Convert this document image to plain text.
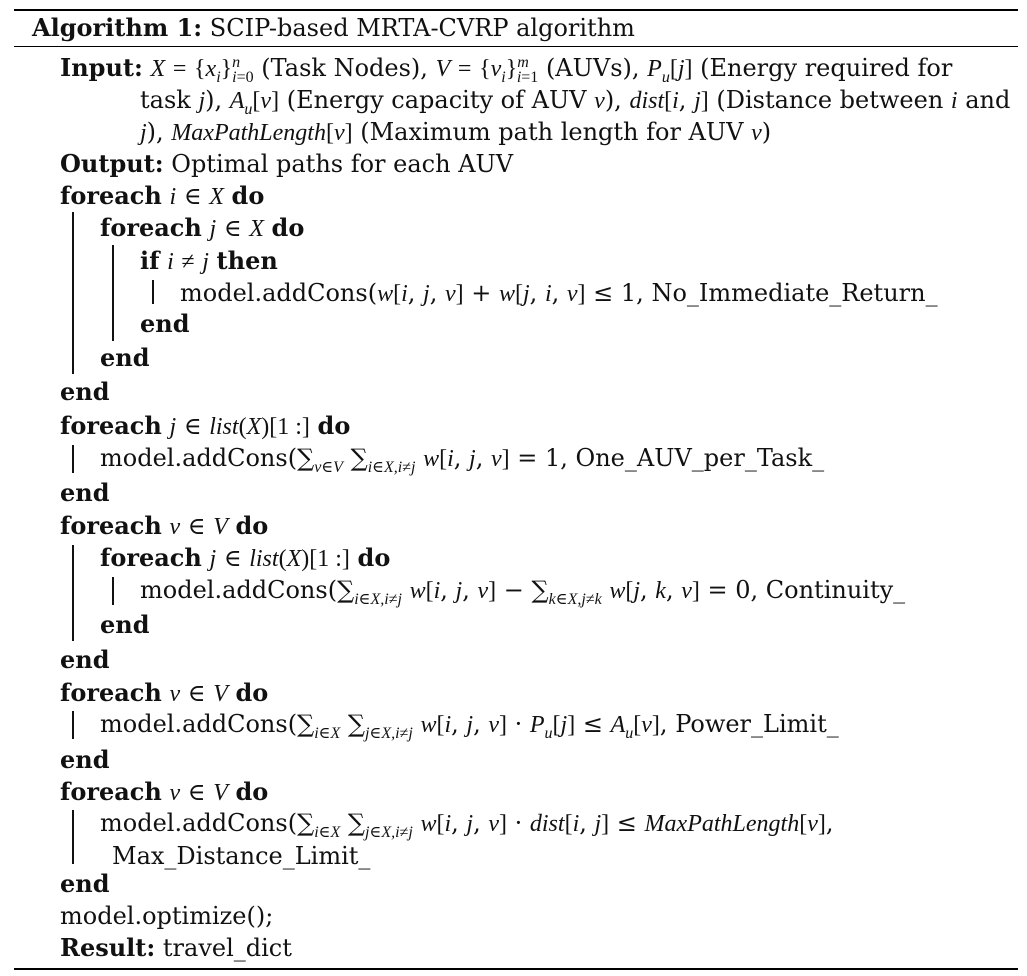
Algorithm 1: SCIP-based MRTA-CVRP algorithm
Input: $X = \{x_i\}^n_{i=0}$ (Task Nodes), $V = \{v_i\}^m_{i=1}$ (AUVs), $P_u[j]$ (Energy required for
task j), $A_u[v]$ (Energy capacity of AUV v), dist[i, j] (Distance between i and
j), MaxPathLength[v] (Maximum path length for AUV v)
Output: Optimal paths for each AUV
foreach i ∈ X do
foreach j ∈ X do
if i ≠ j then
model.addCons(w[i, j, v] + w[j, i, v] ≤ 1, No_Immediate_Return_
end
end
end
foreach j ∈ list(X)[1 :] do
$model.addCons(\sum_{v\in V}$ $\sum_{i\in X,i\ne j}$ w[i, j, v] = 1, One_AUV_per_Task_
end
foreach v ∈ V do
foreach j ∈ list(X)[1 :] do
$model.addCons(\sum_{i\in X,i\ne j}$ w[i, j, $v] - \sum_{k\in X,j\ne k}$ w[j, k, v] = 0, Continuity_
end
end
foreach v ∈ V do
$model.addCons(\sum_{i\in X}$ $\sum_{j\in X,i\ne j}$ w[i, j, $v] \cdot P_u[j] \le A_u[v]$, Power_Limit_
end
foreach v ∈ V do
$model.addCons(\sum_{i\in X}$ $\sum_{j\in X,i\ne j}$ w[i, j, v] · dist[i, j] ≤ MaxPathLength[v],
Max_Distance_Limit_
end
model.optimize();
Result: travel_dict
